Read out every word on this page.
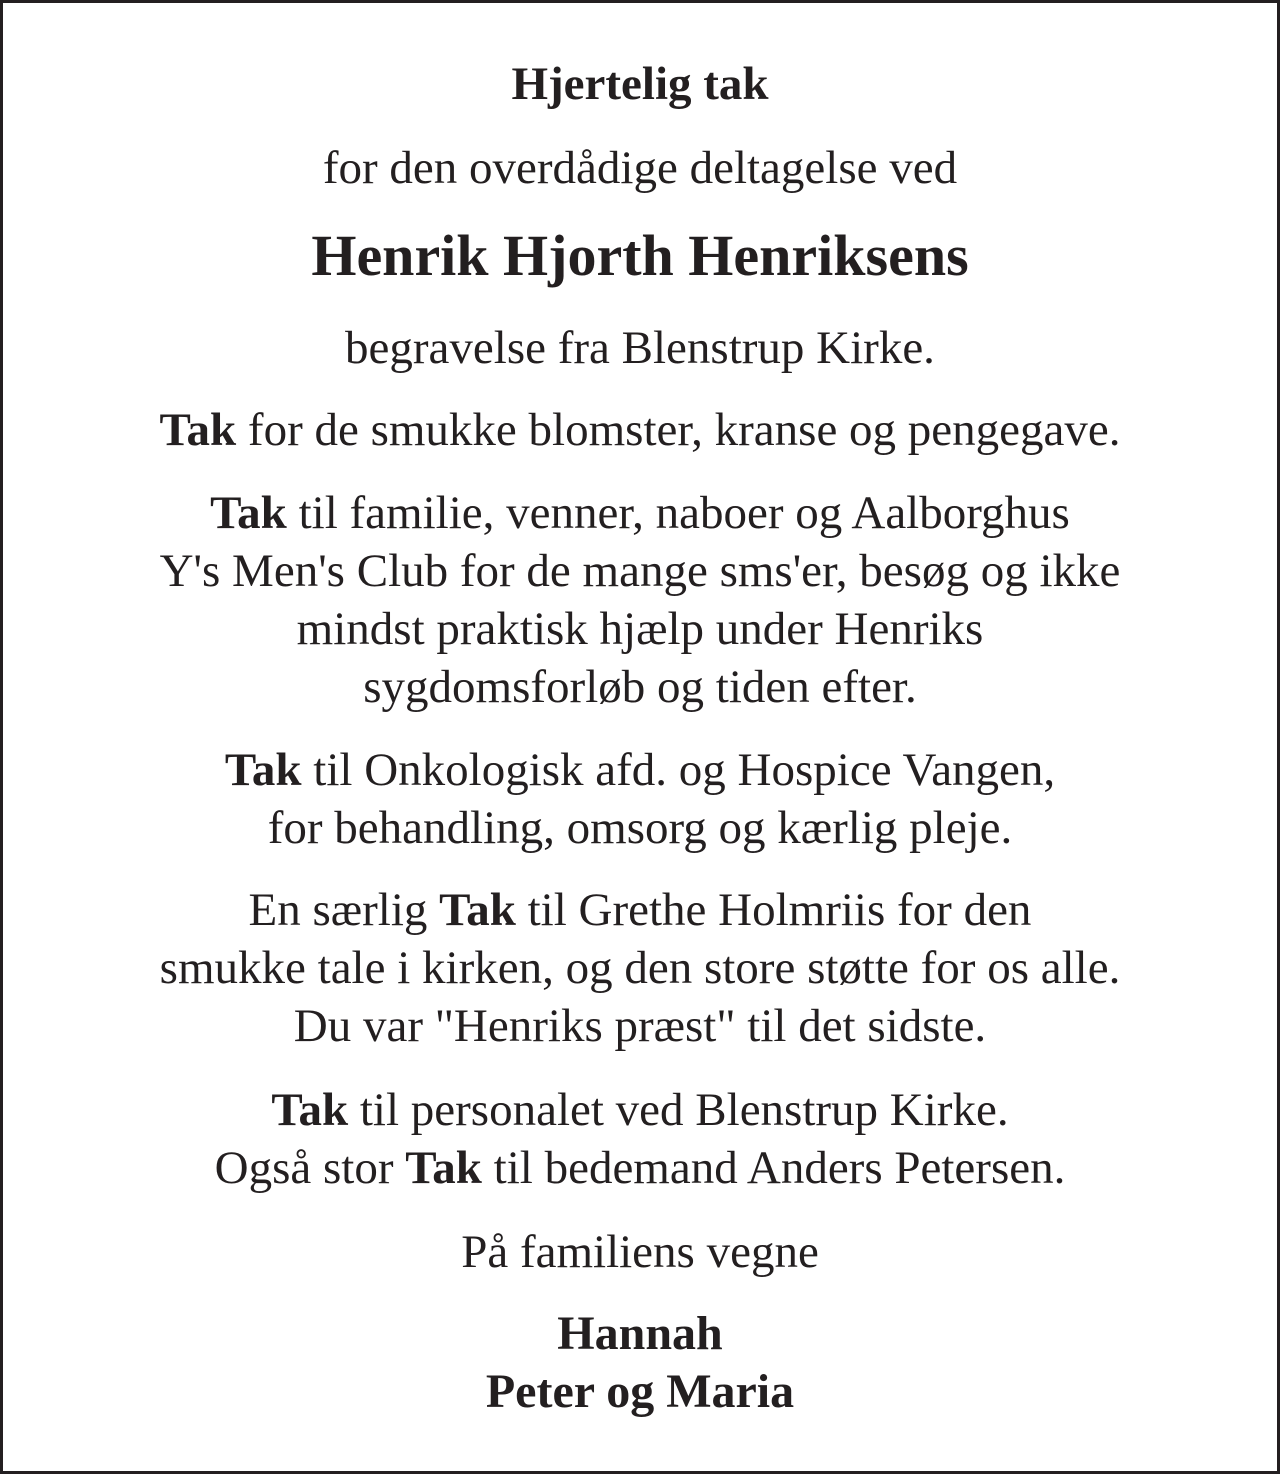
Hjertelig tak
for den overdådige deltagelse ved
Henrik Hjorth Henriksens
begravelse fra Blenstrup Kirke.
Tak for de smukke blomster, kranse og pengegave.
Tak til familie, venner, naboer og Aalborghus
Y's Men's Club for de mange sms'er, besøg og ikke
mindst praktisk hjælp under Henriks
sygdomsforløb og tiden efter.
Tak til Onkologisk afd. og Hospice Vangen,
for behandling, omsorg og kærlig pleje.
En særlig Tak til Grethe Holmriis for den
smukke tale i kirken, og den store støtte for os alle.
Du var "Henriks præst" til det sidste.
Tak til personalet ved Blenstrup Kirke.
Også stor Tak til bedemand Anders Petersen.
På familiens vegne
Hannah
Peter og Maria
